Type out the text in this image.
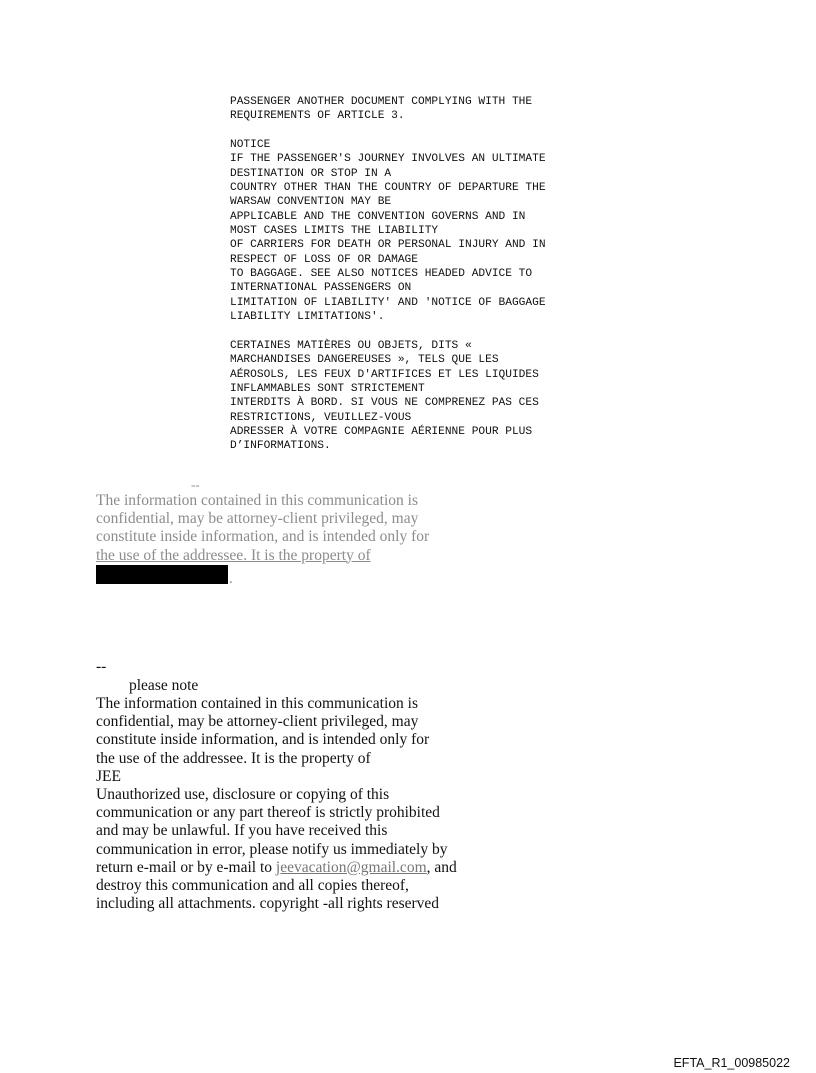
PASSENGER ANOTHER DOCUMENT COMPLYING WITH THE
REQUIREMENTS OF ARTICLE 3.
NOTICE
IF THE PASSENGER'S JOURNEY INVOLVES AN ULTIMATE
DESTINATION OR STOP IN A
COUNTRY OTHER THAN THE COUNTRY OF DEPARTURE THE
WARSAW CONVENTION MAY BE
APPLICABLE AND THE CONVENTION GOVERNS AND IN
MOST CASES LIMITS THE LIABILITY
OF CARRIERS FOR DEATH OR PERSONAL INJURY AND IN
RESPECT OF LOSS OF OR DAMAGE
TO BAGGAGE. SEE ALSO NOTICES HEADED ADVICE TO
INTERNATIONAL PASSENGERS ON
LIMITATION OF LIABILITY' AND 'NOTICE OF BAGGAGE
LIABILITY LIMITATIONS'.
CERTAINES MATIÈRES OU OBJETS, DITS «
MARCHANDISES DANGEREUSES », TELS QUE LES
AÉROSOLS, LES FEUX D'ARTIFICES ET LES LIQUIDES
INFLAMMABLES SONT STRICTEMENT
INTERDITS À BORD. SI VOUS NE COMPRENEZ PAS CES
RESTRICTIONS, VEUILLEZ-VOUS
ADRESSER À VOTRE COMPAGNIE AÉRIENNE POUR PLUS
D’INFORMATIONS.
--
The information contained in this communication is
confidential, may be attorney-client privileged, may
constitute inside information, and is intended only for
the use of the addressee. It is the property of
.
--
please note
The information contained in this communication is
confidential, may be attorney-client privileged, may
constitute inside information, and is intended only for
the use of the addressee. It is the property of
JEE
Unauthorized use, disclosure or copying of this
communication or any part thereof is strictly prohibited
and may be unlawful. If you have received this
communication in error, please notify us immediately by
return e-mail or by e-mail to jeevacation@gmail.com, and
destroy this communication and all copies thereof,
including all attachments. copyright -all rights reserved
EFTA_R1_00985022
